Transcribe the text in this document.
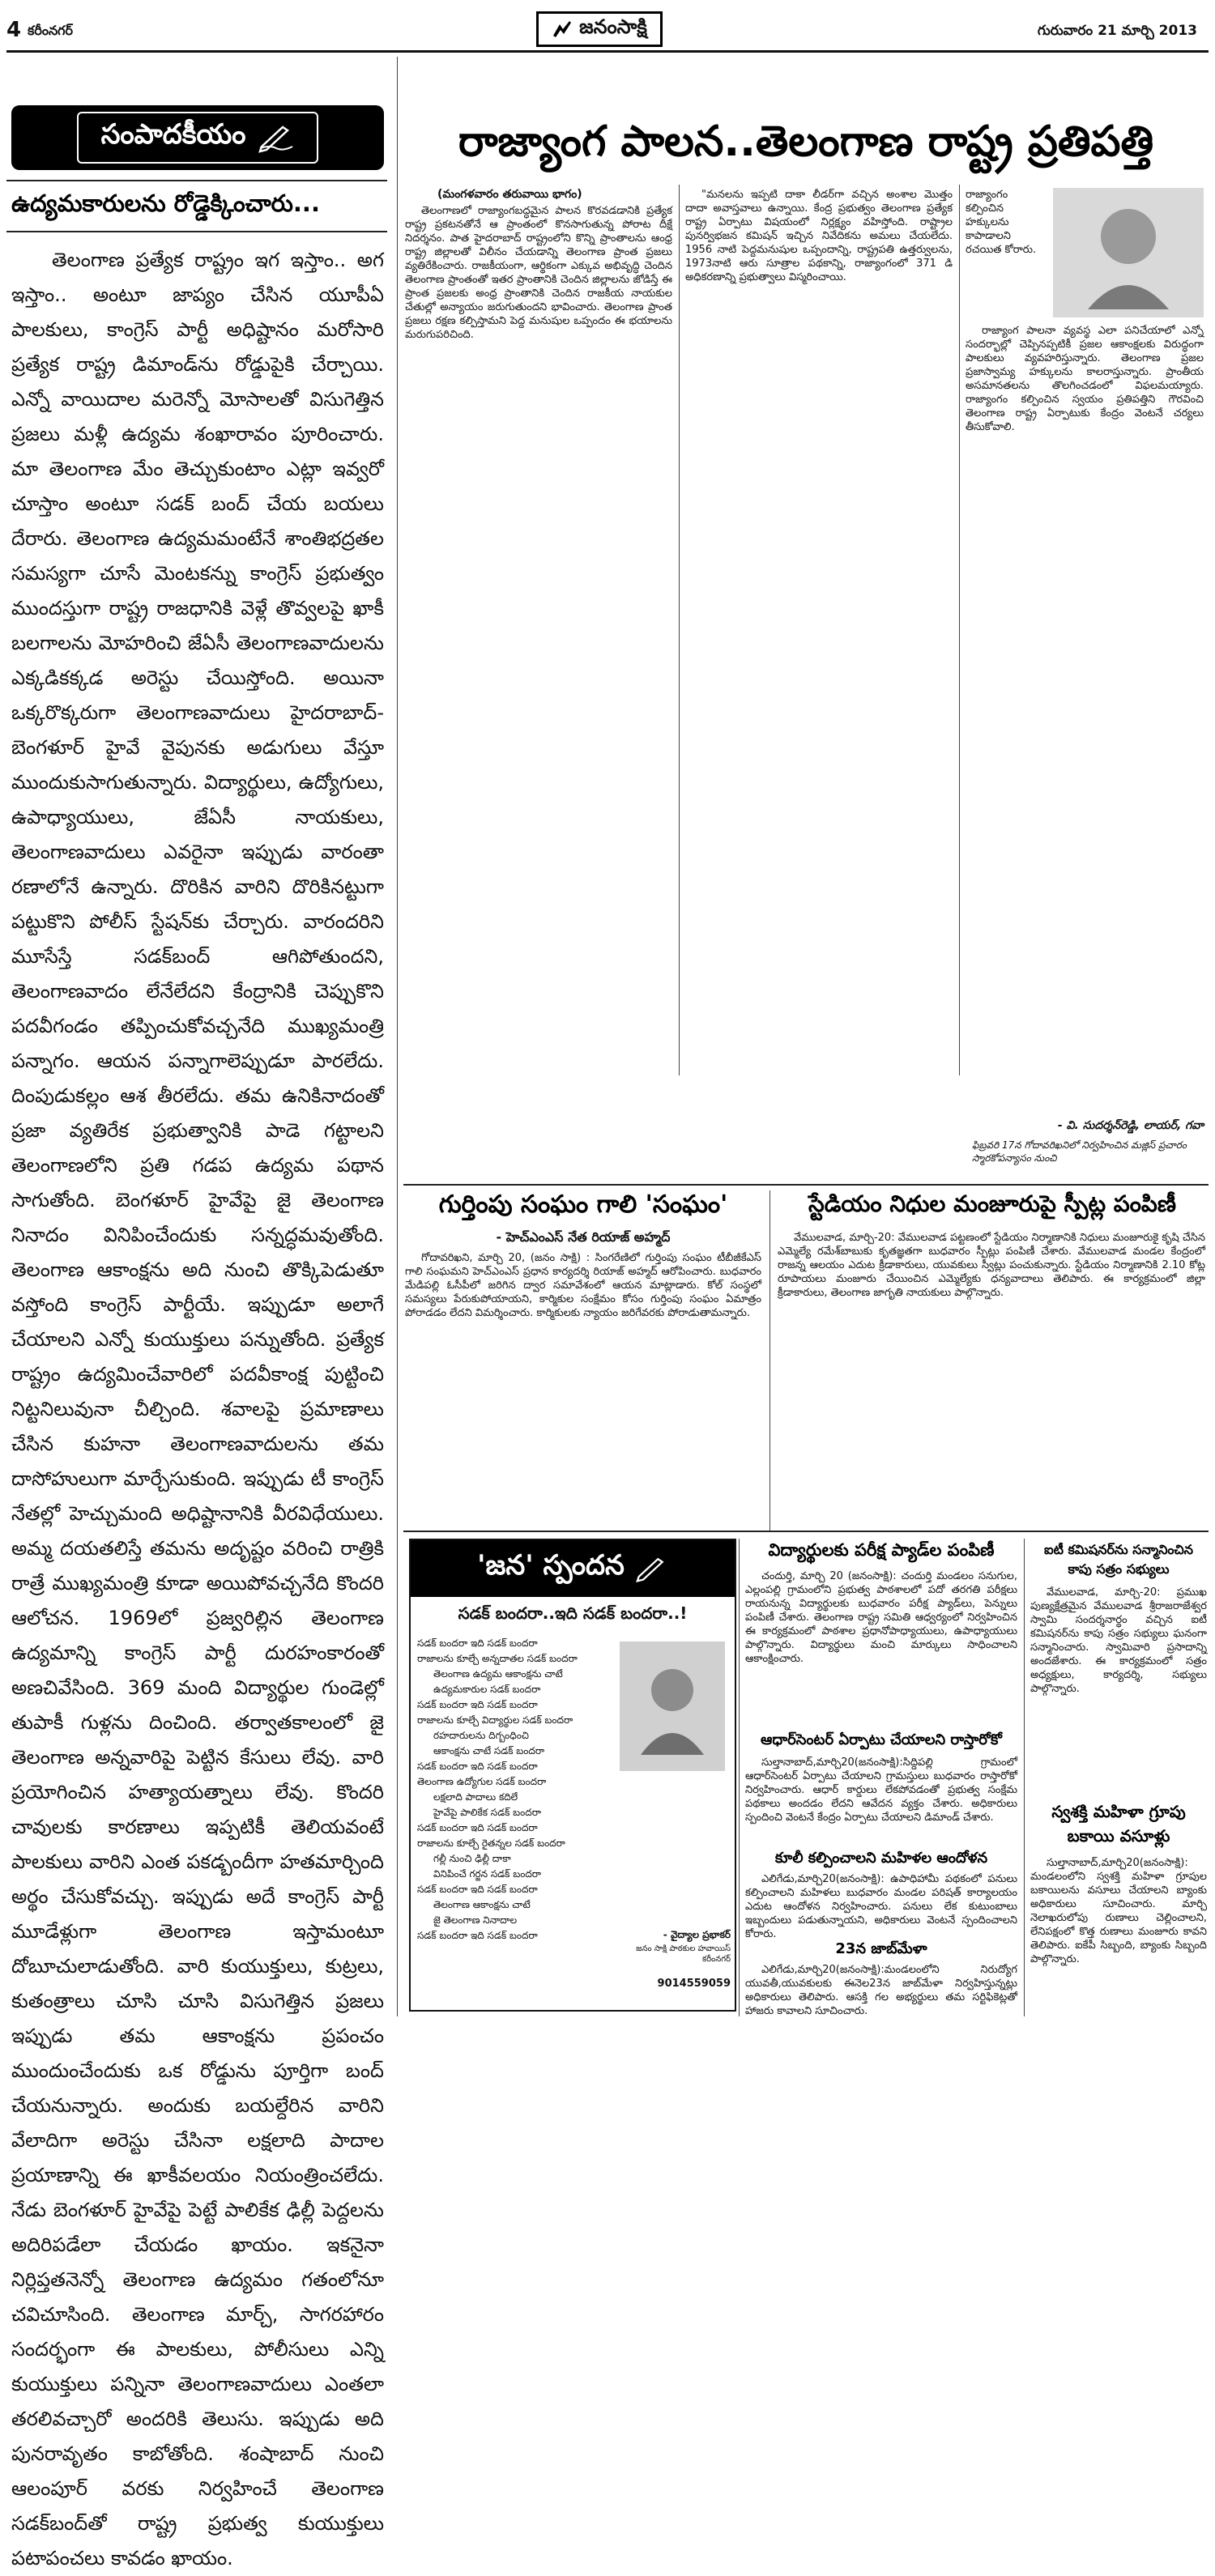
4 కరీంనగర్	జనంసాక్షి	గురువారం 21 మార్చి 2013
సంపాదకీయం
ఉద్యమకారులను రోడ్డెక్కించారు...

తెలంగాణ ప్రత్యేక రాష్ట్రం ఇగ ఇస్తాం.. అగ ఇస్తాం.. అంటూ జాప్యం చేసిన యూపీఏ పాలకులు, కాంగ్రెస్ పార్టీ అధిష్టానం మరోసారి ప్రత్యేక రాష్ట్ర డిమాండ్‌ను రోడ్డుపైకి చేర్చాయి. ఎన్నో వాయిదాల మరెన్నో మోసాలతో విసుగెత్తిన ప్రజలు మళ్లీ ఉద్యమ శంఖారావం పూరించారు. మా తెలంగాణ మేం తెచ్చుకుంటాం ఎట్లా ఇవ్వరో చూస్తాం అంటూ సడక్ బంద్ చేయ బయలు దేరారు. తెలంగాణ ఉద్యమమంటేనే శాంతిభద్రతల సమస్యగా చూసే మెంటకన్ను కాంగ్రెస్ ప్రభుత్వం ముందస్తుగా రాష్ట్ర రాజధానికి వెళ్లే తొవ్వలపై ఖాకీ బలగాలను మోహరించి జేఏసీ తెలంగాణవాదులను ఎక్కడికక్కడ అరెస్టు చేయిస్తోంది. అయినా ఒక్కరొక్కరుగా తెలంగాణవాదులు హైదరాబాద్-బెంగళూర్ హైవే వైపునకు అడుగులు వేస్తూ ముందుకుసాగుతున్నారు. విద్యార్థులు, ఉద్యోగులు, ఉపాధ్యాయులు, జేఏసీ నాయకులు, తెలంగాణవాదులు ఎవరైనా ఇప్పుడు వారంతా రణాలోనే ఉన్నారు. దొరికిన వారిని దొరికినట్టుగా పట్టుకొని పోలీస్ స్టేషన్‌కు చేర్చారు. వారందరిని మూసేస్తే సడక్‌బంద్ ఆగిపోతుందని, తెలంగాణవాదం లేనేలేదని కేంద్రానికి చెప్పుకొని పదవీగండం తప్పించుకోవచ్చనేది ముఖ్యమంత్రి పన్నాగం. ఆయన పన్నాగాలెప్పుడూ పారలేదు. దింపుడుకల్లం ఆశ తీరలేదు. తమ ఉనికినాదంతో ప్రజా వ్యతిరేక ప్రభుత్వానికి పాడె గట్టాలని తెలంగాణలోని ప్రతి గడప ఉద్యమ పథాన సాగుతోంది. బెంగళూర్ హైవేపై జై తెలంగాణ నినాదం వినిపించేందుకు సన్నద్ధమవుతోంది. తెలంగాణ ఆకాంక్షను అది నుంచి తొక్కిపెడుతూ వస్తోంది కాంగ్రెస్ పార్టీయే. ఇప్పుడూ అలాగే చేయాలని ఎన్నో కుయుక్తులు పన్నుతోంది. ప్రత్యేక రాష్ట్రం ఉద్యమించేవారిలో పదవీకాంక్ష పుట్టించి నిట్టనిలువునా చీల్చింది. శవాలపై ప్రమాణాలు చేసిన కుహనా తెలంగాణవాదులను తమ దాసోహులుగా మార్చేసుకుంది. ఇప్పుడు టీ కాంగ్రెస్ నేతల్లో హెచ్చుమంది అధిష్టానానికి వీరవిధేయులు. అమ్మ దయతలిస్తే తమను అదృష్టం వరించి రాత్రికి రాత్రే ముఖ్యమంత్రి కూడా అయిపోవచ్చనేది కొందరి ఆలోచన. 1969లో ప్రజ్వరిల్లిన తెలంగాణ ఉద్యమాన్ని కాంగ్రెస్ పార్టీ దురహంకారంతో అణచివేసింది. 369 మంది విద్యార్థుల గుండెల్లో తుపాకీ గుళ్లను దించింది. తర్వాతకాలంలో జై తెలంగాణ అన్నవారిపై పెట్టిన కేసులు లేవు. వారి ప్రయోగించిన హత్యాయత్నాలు లేవు. కొందరి చావులకు కారణాలు ఇప్పటికీ తెలియవంటే పాలకులు వారిని ఎంత పకడ్బందీగా హతమార్చింది అర్థం చేసుకోవచ్చు. ఇప్పుడు అదే కాంగ్రెస్ పార్టీ మూడేళ్లుగా తెలంగాణ ఇస్తామంటూ దోబూచులాడుతోంది. వారి కుయుక్తులు, కుట్రలు, కుతంత్రాలు చూసి చూసి విసుగెత్తిన ప్రజలు ఇప్పుడు తమ ఆకాంక్షను ప్రపంచం ముందుంచేందుకు ఒక రోడ్డును పూర్తిగా బంద్ చేయనున్నారు. అందుకు బయల్దేరిన వారిని వేలాదిగా అరెస్టు చేసినా లక్షలాది పాదాల ప్రయాణాన్ని ఈ ఖాకీవలయం నియంత్రించలేదు. నేడు బెంగళూర్ హైవేపై పెట్టే పాలికేక ఢిల్లీ పెద్దలను అదిరిపడేలా చేయడం ఖాయం. ఇకనైనా నిర్లిప్తతనెన్నో తెలంగాణ ఉద్యమం గతంలోనూ చవిచూసింది. తెలంగాణ మార్చ్, సాగరహారం సందర్భంగా ఈ పాలకులు, పోలీసులు ఎన్ని కుయుక్తులు పన్నినా తెలంగాణవాదులు ఎంతలా తరలివచ్చారో అందరికి తెలుసు. ఇప్పుడు అది పునరావృతం కాబోతోంది. శంషాబాద్ నుంచి ఆలంపూర్ వరకు నిర్వహించే తెలంగాణ సడక్‌బంద్‌తో రాష్ట్ర ప్రభుత్వ కుయుక్తులు పటాపంచలు కావడం ఖాయం.

రాజ్యాంగ పాలన..తెలంగాణ రాష్ట్ర ప్రతిపత్తి
(మంగళవారం తరువాయి భాగం)

తెలంగాణలో రాజ్యాంగబద్ధమైన పాలన కొరవడడానికి ప్రత్యేక రాష్ట్ర ప్రకటనతోనే ఆ ప్రాంతంలో కొనసాగుతున్న పోరాట దీక్షే నిదర్శనం. పాత హైదరాబాద్ రాష్ట్రంలోని కొన్ని ప్రాంతాలను ఆంధ్ర రాష్ట్ర జిల్లాలతో విలీనం చేయడాన్ని తెలంగాణ ప్రాంత ప్రజలు వ్యతిరేకించారు. రాజకీయంగా, ఆర్థికంగా ఎక్కువ అభివృద్ధి చెందిన తెలంగాణ ప్రాంతంతో ఇతర ప్రాంతానికి చెందిన జిల్లాలను జోడిస్తే ఈ ప్రాంత ప్రజలకు అంధ్ర ప్రాంతానికి చెందిన రాజకీయ నాయకుల చేతుల్లో అన్యాయం జరుగుతుందని భావించారు. తెలంగాణ ప్రాంత ప్రజలు రక్షణ కల్పిస్తామని పెద్ద మనుషుల ఒప్పందం ఈ భయాలను మరుగుపరిచింది.

"మనలను ఇప్పటి దాకా లీడర్‌గా వచ్చిన అంశాల మొత్తం దాదా అవాస్తవాలు ఉన్నాయి. కేంద్ర ప్రభుత్వం తెలంగాణ ప్రత్యేక రాష్ట్ర ఏర్పాటు విషయంలో నిర్లక్ష్యం వహిస్తోంది. రాష్ట్రాల పునర్విభజన కమిషన్ ఇచ్చిన నివేదికను అమలు చేయలేదు. 1956 నాటి పెద్దమనుషుల ఒప్పందాన్ని, రాష్ట్రపతి ఉత్తర్వులను, 1973నాటి ఆరు సూత్రాల పథకాన్ని, రాజ్యాంగంలో 371 డి అధికరణాన్ని ప్రభుత్వాలు విస్మరించాయి.

రాజ్యాంగం కల్పించిన హక్కులను కాపాడాలని రచయిత కోరారు.

రాజ్యాంగ పాలనా వ్యవస్థ ఎలా పనిచేయాలో ఎన్నో సందర్భాల్లో చెప్పినప్పటికీ ప్రజల ఆకాంక్షలకు విరుద్ధంగా పాలకులు వ్యవహరిస్తున్నారు. తెలంగాణ ప్రజల ప్రజాస్వామ్య హక్కులను కాలరాస్తున్నారు. ప్రాంతీయ అసమానతలను తొలగించడంలో విఫలమయ్యారు. రాజ్యాంగం కల్పించిన స్వయం ప్రతిపత్తిని గౌరవించి తెలంగాణ రాష్ట్ర ఏర్పాటుకు కేంద్రం వెంటనే చర్యలు తీసుకోవాలి.

- వి. సుదర్శన్‌రెడ్డి, లాయర్, గవా
ఫిబ్రవరి 17న గోదావరిఖనిలో నిర్వహించిన మజ్లిస్ ప్రచారం స్మారకోపన్యాసం నుంచి
గుర్తింపు సంఘం గాలి 'సంఘం'
- హెచ్‌ఎంఎస్ నేత రియాజ్ అహ్మద్

గోదావరిఖని, మార్చి 20, (జనం సాక్షి) : సింగరేణిలో గుర్తింపు సంఘం టీబీజీకేఎస్ గాలి సంఘమని హెచ్‌ఎంఎస్ ప్రధాన కార్యదర్శి రియాజ్ అహ్మద్ ఆరోపించారు. బుధవారం మేడిపల్లి ఓసీపీలో జరిగిన ద్వార సమావేశంలో ఆయన మాట్లాడారు. కోల్ సంస్థలో సమస్యలు పేరుకుపోయాయని, కార్మికుల సంక్షేమం కోసం గుర్తింపు సంఘం ఏమాత్రం పోరాడడం లేదని విమర్శించారు. కార్మికులకు న్యాయం జరిగేవరకు పోరాడుతామన్నారు.

స్టేడియం నిధుల మంజూరుపై స్పీట్ల పంపిణీ

వేములవాడ, మార్చి-20: వేములవాడ పట్టణంలో స్టేడియం నిర్మాణానికి నిధులు మంజూరుకై కృషి చేసిన ఎమ్మెల్యే రమేశ్‌బాబుకు కృతజ్ఞతగా బుధవారం స్పీట్లు పంపిణీ చేశారు. వేములవాడ మండల కేంద్రంలో రాజన్న ఆలయం ఎదుట క్రీడాకారులు, యువకులు స్వీట్లు పంచుకున్నారు. స్టేడియం నిర్మాణానికి 2.10 కోట్ల రూపాయలు మంజూరు చేయించిన ఎమ్మెల్యేకు ధన్యవాదాలు తెలిపారు. ఈ కార్యక్రమంలో జిల్లా క్రీడాకారులు, తెలంగాణ జాగృతి నాయకులు పాల్గొన్నారు.

'జన' స్పందన
సడక్ బందరా..ఇది సడక్ బందరా..!
సడక్ బందరా ఇది సడక్ బందరా
రాజాలను కూల్చే అన్నదాతల సడక్ బందరా
తెలంగాణ ఉద్యమ ఆకాంక్షను చాటే
ఉద్యమకారుల సడక్ బందరా
సడక్ బందరా ఇది సడక్ బందరా
రాజాలను కూల్చే విద్యార్థుల సడక్ బందరా
రహదారులను దిగ్బంధించి
ఆకాంక్షను చాటే సడక్ బందరా
సడక్ బందరా ఇది సడక్ బందరా
తెలంగాణ ఉద్యోగుల సడక్ బందరా
లక్షలాది పాదాలు కదిలే
హైవేపై పాలికేక సడక్ బందరా
సడక్ బందరా ఇది సడక్ బందరా
రాజాలను కూల్చే రైతన్నల సడక్ బందరా
గల్లీ నుంచి ఢిల్లీ దాకా
వినిపించే గర్జన సడక్ బందరా
సడక్ బందరా ఇది సడక్ బందరా
తెలంగాణ ఆకాంక్షను చాటే
జై తెలంగాణ నినాదాల
సడక్ బందరా ఇది సడక్ బందరా	- వైద్యాల ప్రభాకర్
జనం సాక్షి పాఠకుల హవాయిస్ కరీంనగర్
9014559059
విద్యార్థులకు పరీక్ష ప్యాడ్‌ల పంపిణీ

చందుర్తి, మార్చి 20 (జనంసాక్షి): చందుర్తి మండలం సనుగుల, ఎల్లంపల్లి గ్రామంలోని ప్రభుత్వ పాఠశాలలో పదో తరగతి పరీక్షలు రాయనున్న విద్యార్థులకు బుధవారం పరీక్ష ప్యాడ్‌లు, పెన్నులు పంపిణీ చేశారు. తెలంగాణ రాష్ట్ర సమితి ఆధ్వర్యంలో నిర్వహించిన ఈ కార్యక్రమంలో పాఠశాల ప్రధానోపాధ్యాయులు, ఉపాధ్యాయులు పాల్గొన్నారు. విద్యార్థులు మంచి మార్కులు సాధించాలని ఆకాంక్షించారు.

ఆధార్‌సెంటర్ ఏర్పాటు చేయాలని రాస్తారోకో

సుల్తానాబాద్,మార్చి20(జనంసాక్షి):సిద్దిపల్లి గ్రామంలో ఆధార్‌సెంటర్ ఏర్పాటు చేయాలని గ్రామస్తులు బుధవారం రాస్తారోకో నిర్వహించారు. ఆధార్ కార్డులు లేకపోవడంతో ప్రభుత్వ సంక్షేమ పథకాలు అందడం లేదని ఆవేదన వ్యక్తం చేశారు. అధికారులు స్పందించి వెంటనే కేంద్రం ఏర్పాటు చేయాలని డిమాండ్ చేశారు.

కూలీ కల్పించాలని మహిళల ఆందోళన

ఎలిగేడు,మార్చి20(జనంసాక్షి): ఉపాధిహామీ పథకంలో పనులు కల్పించాలని మహిళలు బుధవారం మండల పరిషత్ కార్యాలయం ఎదుట ఆందోళన నిర్వహించారు. పనులు లేక కుటుంబాలు ఇబ్బందులు పడుతున్నాయని, అధికారులు వెంటనే స్పందించాలని కోరారు.

23న జాబ్‌మేళా

ఎలిగేడు,మార్చి20(జనంసాక్షి):మండలంలోని నిరుద్యోగ యువతీ,యువకులకు ఈనెల23న జాబ్‌మేళా నిర్వహిస్తున్నట్లు అధికారులు తెలిపారు. ఆసక్తి గల అభ్యర్థులు తమ సర్టిఫికెట్లతో హాజరు కావాలని సూచించారు.

ఐటీ కమిషనర్‌ను సన్మానించిన కాపు సత్రం సభ్యులు

వేములవాడ, మార్చి-20: ప్రముఖ పుణ్యక్షేత్రమైన వేములవాడ శ్రీరాజరాజేశ్వర స్వామి సందర్శనార్థం వచ్చిన ఐటీ కమిషనర్‌ను కాపు సత్రం సభ్యులు ఘనంగా సన్మానించారు. స్వామివారి ప్రసాదాన్ని అందజేశారు. ఈ కార్యక్రమంలో సత్రం అధ్యక్షులు, కార్యదర్శి, సభ్యులు పాల్గొన్నారు.

స్వశక్తి మహిళా గ్రూపు బకాయి వసూళ్లు

సుల్తానాబాద్,మార్చి20(జనంసాక్షి): మండలంలోని స్వశక్తి మహిళా గ్రూపుల బకాయిలను వసూలు చేయాలని బ్యాంకు అధికారులు సూచించారు. మార్చి నెలాఖరులోపు రుణాలు చెల్లించాలని, లేనిపక్షంలో కొత్త రుణాలు మంజూరు కావని తెలిపారు. ఐకేపీ సిబ్బంది, బ్యాంకు సిబ్బంది పాల్గొన్నారు.
